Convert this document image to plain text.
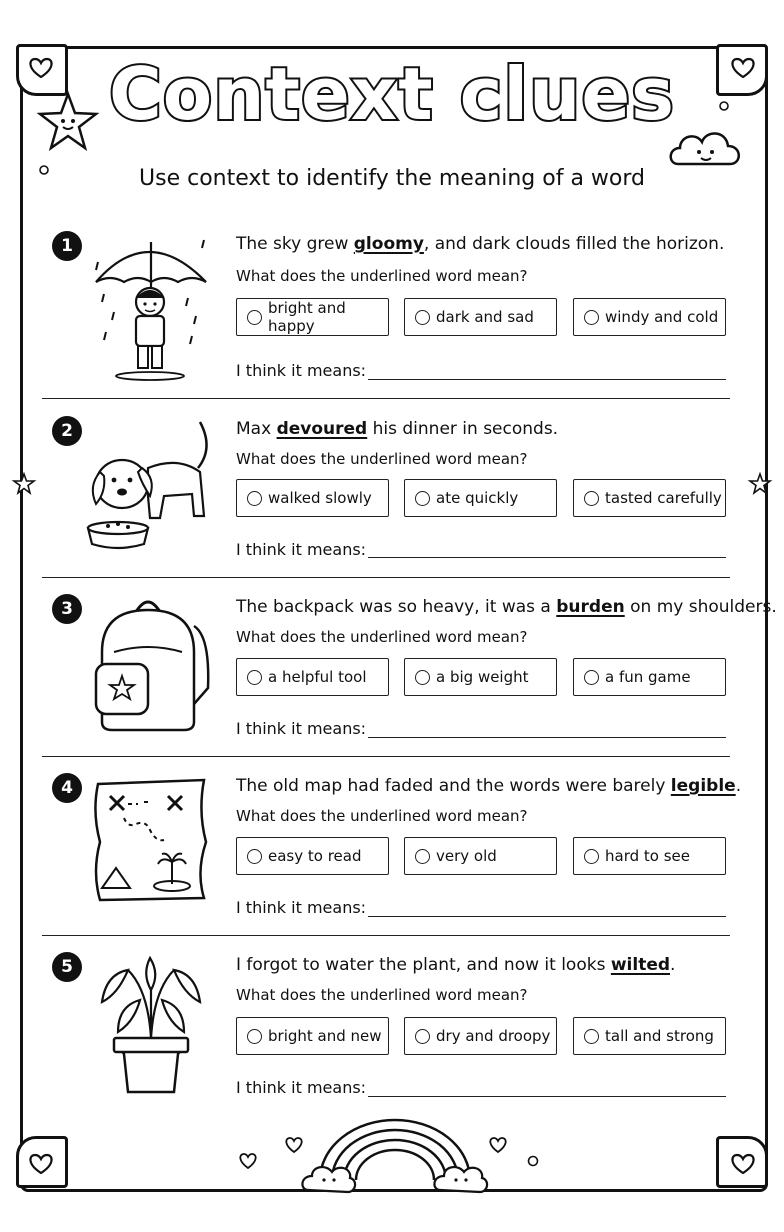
Context clues
Use context to identify the meaning of a word
1	The sky grew gloomy, and dark clouds filled the horizon.
What does the underlined word mean?
bright and happy	dark and sad	windy and cold
I think it means:
2	Max devoured his dinner in seconds.
What does the underlined word mean?
walked slowly	ate quickly	tasted carefully
I think it means:
3	The backpack was so heavy, it was a burden on my shoulders.
What does the underlined word mean?
a helpful tool	a big weight	a fun game
I think it means:
4	The old map had faded and the words were barely legible.
What does the underlined word mean?
easy to read	very old	hard to see
I think it means:
5	I forgot to water the plant, and now it looks wilted.
What does the underlined word mean?
bright and new	dry and droopy	tall and strong
I think it means:
